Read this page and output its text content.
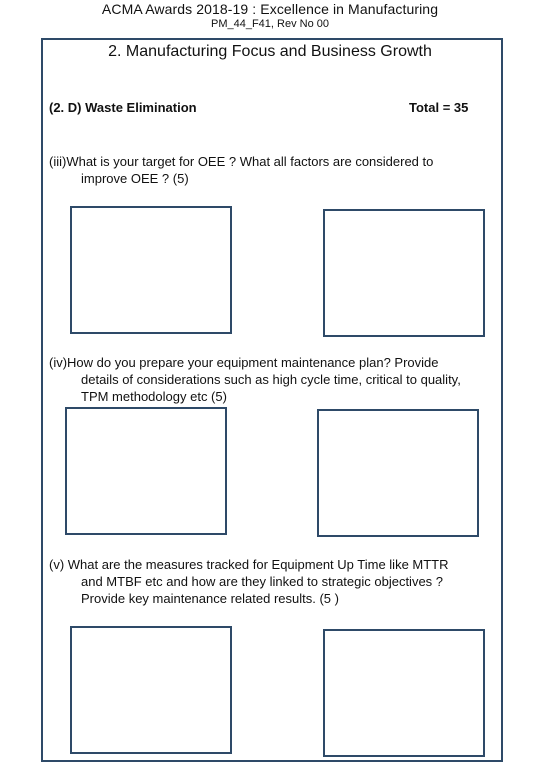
ACMA Awards 2018-19 : Excellence in Manufacturing
PM_44_F41, Rev No 00
2. Manufacturing Focus and Business Growth
(2. D) Waste Elimination	Total = 35
(iii)What is your target for OEE ? What all factors are considered to
improve OEE ? (5)
(iv)How do you prepare your equipment maintenance plan? Provide
details of considerations such as high cycle time, critical to quality,
TPM methodology etc (5)
(v) What are the measures tracked for Equipment Up Time like MTTR
and MTBF etc and how are they linked to strategic objectives ?
Provide key maintenance related results. (5 )
